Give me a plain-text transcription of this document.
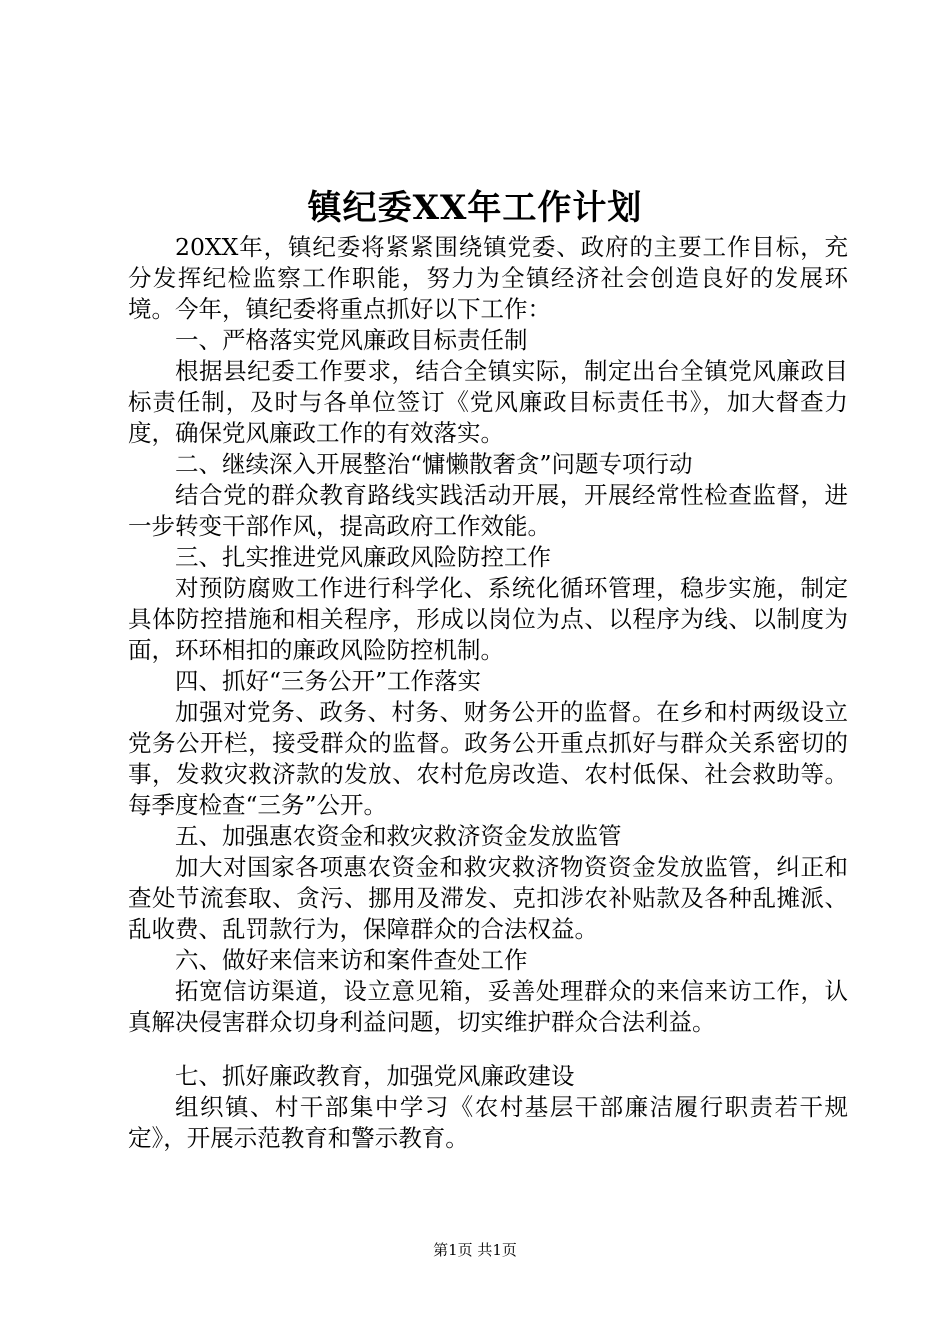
镇纪委XX年工作计划

20XX年，镇纪委将紧紧围绕镇党委、政府的主要工作目标，充分发挥纪检监察工作职能，努力为全镇经济社会创造良好的发展环境。今年，镇纪委将重点抓好以下工作：

一、严格落实党风廉政目标责任制

根据县纪委工作要求，结合全镇实际，制定出台全镇党风廉政目标责任制，及时与各单位签订《党风廉政目标责任书》，加大督查力度，确保党风廉政工作的有效落实。

二、继续深入开展整治“慵懒散奢贪”问题专项行动

结合党的群众教育路线实践活动开展，开展经常性检查监督，进一步转变干部作风，提高政府工作效能。

三、扎实推进党风廉政风险防控工作

对预防腐败工作进行科学化、系统化循环管理，稳步实施，制定具体防控措施和相关程序，形成以岗位为点、以程序为线、以制度为面，环环相扣的廉政风险防控机制。

四、抓好“三务公开”工作落实

加强对党务、政务、村务、财务公开的监督。在乡和村两级设立党务公开栏，接受群众的监督。政务公开重点抓好与群众关系密切的事，发救灾救济款的发放、农村危房改造、农村低保、社会救助等。每季度检查“三务”公开。

五、加强惠农资金和救灾救济资金发放监管

加大对国家各项惠农资金和救灾救济物资资金发放监管，纠正和查处节流套取、贪污、挪用及滞发、克扣涉农补贴款及各种乱摊派、乱收费、乱罚款行为，保障群众的合法权益。

六、做好来信来访和案件查处工作

拓宽信访渠道，设立意见箱，妥善处理群众的来信来访工作，认真解决侵害群众切身利益问题，切实维护群众合法利益。

七、抓好廉政教育，加强党风廉政建设

组织镇、村干部集中学习《农村基层干部廉洁履行职责若干规定》，开展示范教育和警示教育。

第1页 共1页
